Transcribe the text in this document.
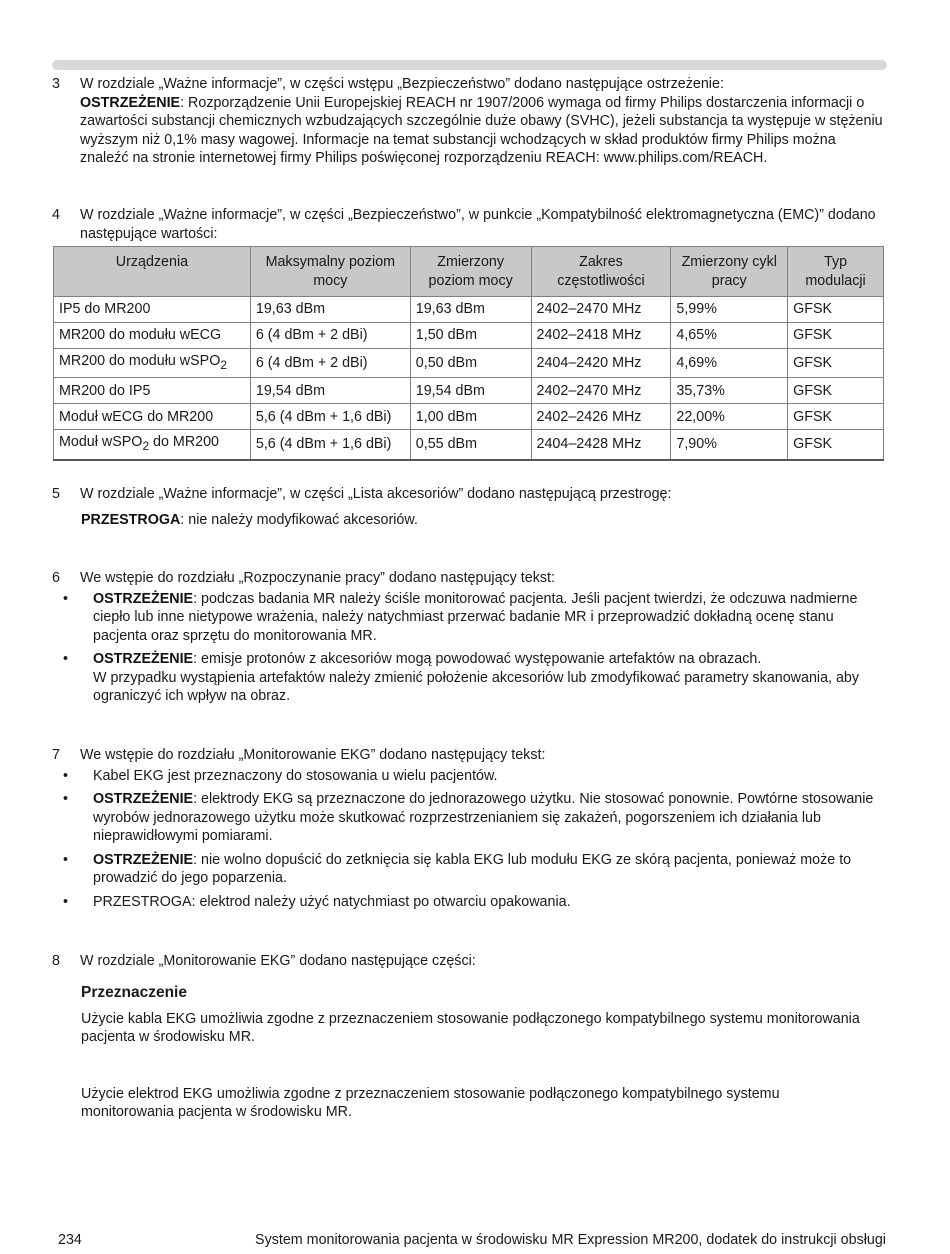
3	W rozdziale „Ważne informacje”, w części wstępu „Bezpieczeństwo” dodano następujące ostrzeżenie:
OSTRZEŻENIE: Rozporządzenie Unii Europejskiej REACH nr 1907/2006 wymaga od firmy Philips dostarczenia informacji o zawartości substancji chemicznych wzbudzających szczególnie duże obawy (SVHC), jeżeli substancja ta występuje w stężeniu wyższym niż 0,1% masy wagowej. Informacje na temat substancji wchodzących w skład produktów firmy Philips można znaleźć na stronie internetowej firmy Philips poświęconej rozporządzeniu REACH: www.philips.com/REACH.
4	W rozdziale „Ważne informacje”, w części „Bezpieczeństwo”, w punkcie „Kompatybilność elektromagnetyczna (EMC)” dodano następujące wartości:
Urządzenia	Maksymalny poziom mocy	Zmierzony poziom mocy	Zakres częstotliwości	Zmierzony cykl pracy	Typ modulacji
IP5 do MR200	19,63 dBm	19,63 dBm	2402–2470 MHz	5,99%	GFSK
MR200 do modułu wECG	6 (4 dBm + 2 dBi)	1,50 dBm	2402–2418 MHz	4,65%	GFSK
MR200 do modułu wSPO$_2$	6 (4 dBm + 2 dBi)	0,50 dBm	2404–2420 MHz	4,69%	GFSK
MR200 do IP5	19,54 dBm	19,54 dBm	2402–2470 MHz	35,73%	GFSK
Moduł wECG do MR200	5,6 (4 dBm + 1,6 dBi)	1,00 dBm	2402–2426 MHz	22,00%	GFSK
Moduł wSPO$_2$ do MR200	5,6 (4 dBm + 1,6 dBi)	0,55 dBm	2404–2428 MHz	7,90%	GFSK
5	W rozdziale „Ważne informacje”, w części „Lista akcesoriów” dodano następującą przestrogę:
PRZESTROGA: nie należy modyfikować akcesoriów.
6	We wstępie do rozdziału „Rozpoczynanie pracy” dodano następujący tekst:
• OSTRZEŻENIE: podczas badania MR należy ściśle monitorować pacjenta. Jeśli pacjent twierdzi, że odczuwa nadmierne ciepło lub inne nietypowe wrażenia, należy natychmiast przerwać badanie MR i przeprowadzić dokładną ocenę stanu pacjenta oraz sprzętu do monitorowania MR.
• OSTRZEŻENIE: emisje protonów z akcesoriów mogą powodować występowanie artefaktów na obrazach.
W przypadku wystąpienia artefaktów należy zmienić położenie akcesoriów lub zmodyfikować parametry skanowania, aby ograniczyć ich wpływ na obraz.
7	We wstępie do rozdziału „Monitorowanie EKG” dodano następujący tekst:
• Kabel EKG jest przeznaczony do stosowania u wielu pacjentów.
• OSTRZEŻENIE: elektrody EKG są przeznaczone do jednorazowego użytku. Nie stosować ponownie. Powtórne stosowanie wyrobów jednorazowego użytku może skutkować rozprzestrzenianiem się zakażeń, pogorszeniem ich działania lub nieprawidłowymi pomiarami.
• OSTRZEŻENIE: nie wolno dopuścić do zetknięcia się kabla EKG lub modułu EKG ze skórą pacjenta, ponieważ może to prowadzić do jego poparzenia.
• PRZESTROGA: elektrod należy użyć natychmiast po otwarciu opakowania.
8	W rozdziale „Monitorowanie EKG” dodano następujące części:

Przeznaczenie

Użycie kabla EKG umożliwia zgodne z przeznaczeniem stosowanie podłączonego kompatybilnego systemu monitorowania pacjenta w środowisku MR.

Użycie elektrod EKG umożliwia zgodne z przeznaczeniem stosowanie podłączonego kompatybilnego systemu monitorowania pacjenta w środowisku MR.

234	System monitorowania pacjenta w środowisku MR Expression MR200, dodatek do instrukcji obsługi
